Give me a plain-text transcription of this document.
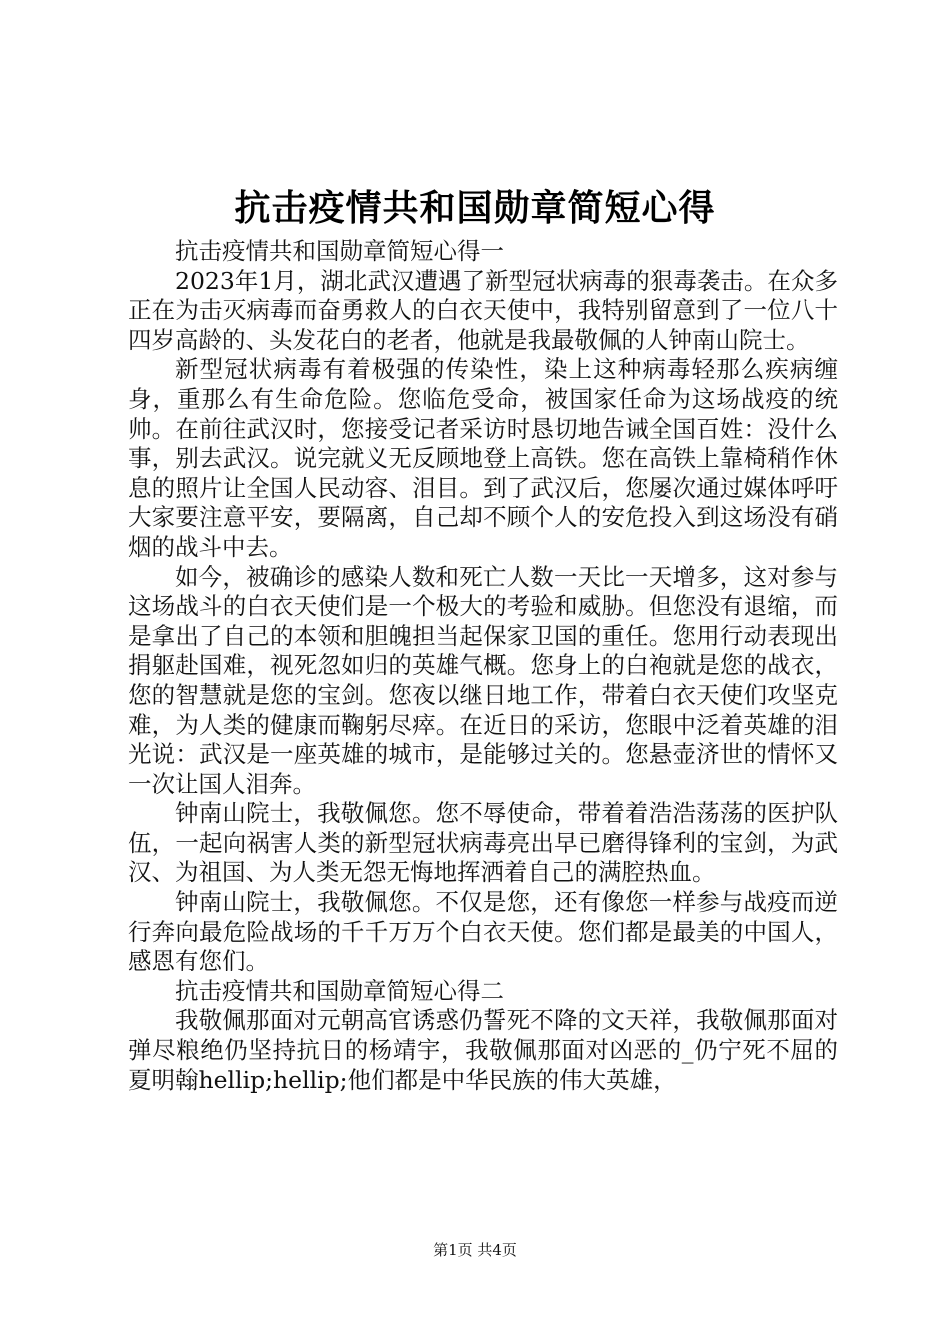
抗击疫情共和国勋章简短心得

抗击疫情共和国勋章简短心得一

2023年1月，湖北武汉遭遇了新型冠状病毒的狠毒袭击。在众多正在为击灭病毒而奋勇救人的白衣天使中，我特别留意到了一位八十四岁高龄的、头发花白的老者，他就是我最敬佩的人钟南山院士。

新型冠状病毒有着极强的传染性，染上这种病毒轻那么疾病缠身，重那么有生命危险。您临危受命，被国家任命为这场战疫的统帅。在前往武汉时，您接受记者采访时恳切地告诫全国百姓：没什么事，别去武汉。说完就义无反顾地登上高铁。您在高铁上靠椅稍作休息的照片让全国人民动容、泪目。到了武汉后，您屡次通过媒体呼吁大家要注意平安，要隔离，自己却不顾个人的安危投入到这场没有硝烟的战斗中去。

如今，被确诊的感染人数和死亡人数一天比一天增多，这对参与这场战斗的白衣天使们是一个极大的考验和威胁。但您没有退缩，而是拿出了自己的本领和胆魄担当起保家卫国的重任。您用行动表现出捐躯赴国难，视死忽如归的英雄气概。您身上的白袍就是您的战衣，您的智慧就是您的宝剑。您夜以继日地工作，带着白衣天使们攻坚克难，为人类的健康而鞠躬尽瘁。在近日的采访，您眼中泛着英雄的泪光说：武汉是一座英雄的城市，是能够过关的。您悬壶济世的情怀又一次让国人泪奔。

钟南山院士，我敬佩您。您不辱使命，带着着浩浩荡荡的医护队伍，一起向祸害人类的新型冠状病毒亮出早已磨得锋利的宝剑，为武汉、为祖国、为人类无怨无悔地挥洒着自己的满腔热血。

钟南山院士，我敬佩您。不仅是您，还有像您一样参与战疫而逆行奔向最危险战场的千千万万个白衣天使。您们都是最美的中国人，感恩有您们。

抗击疫情共和国勋章简短心得二

我敬佩那面对元朝高官诱惑仍誓死不降的文天祥，我敬佩那面对弹尽粮绝仍坚持抗日的杨靖宇，我敬佩那面对凶恶的_仍宁死不屈的夏明翰hellip;hellip;他们都是中华民族的伟大英雄，

第1页 共4页
